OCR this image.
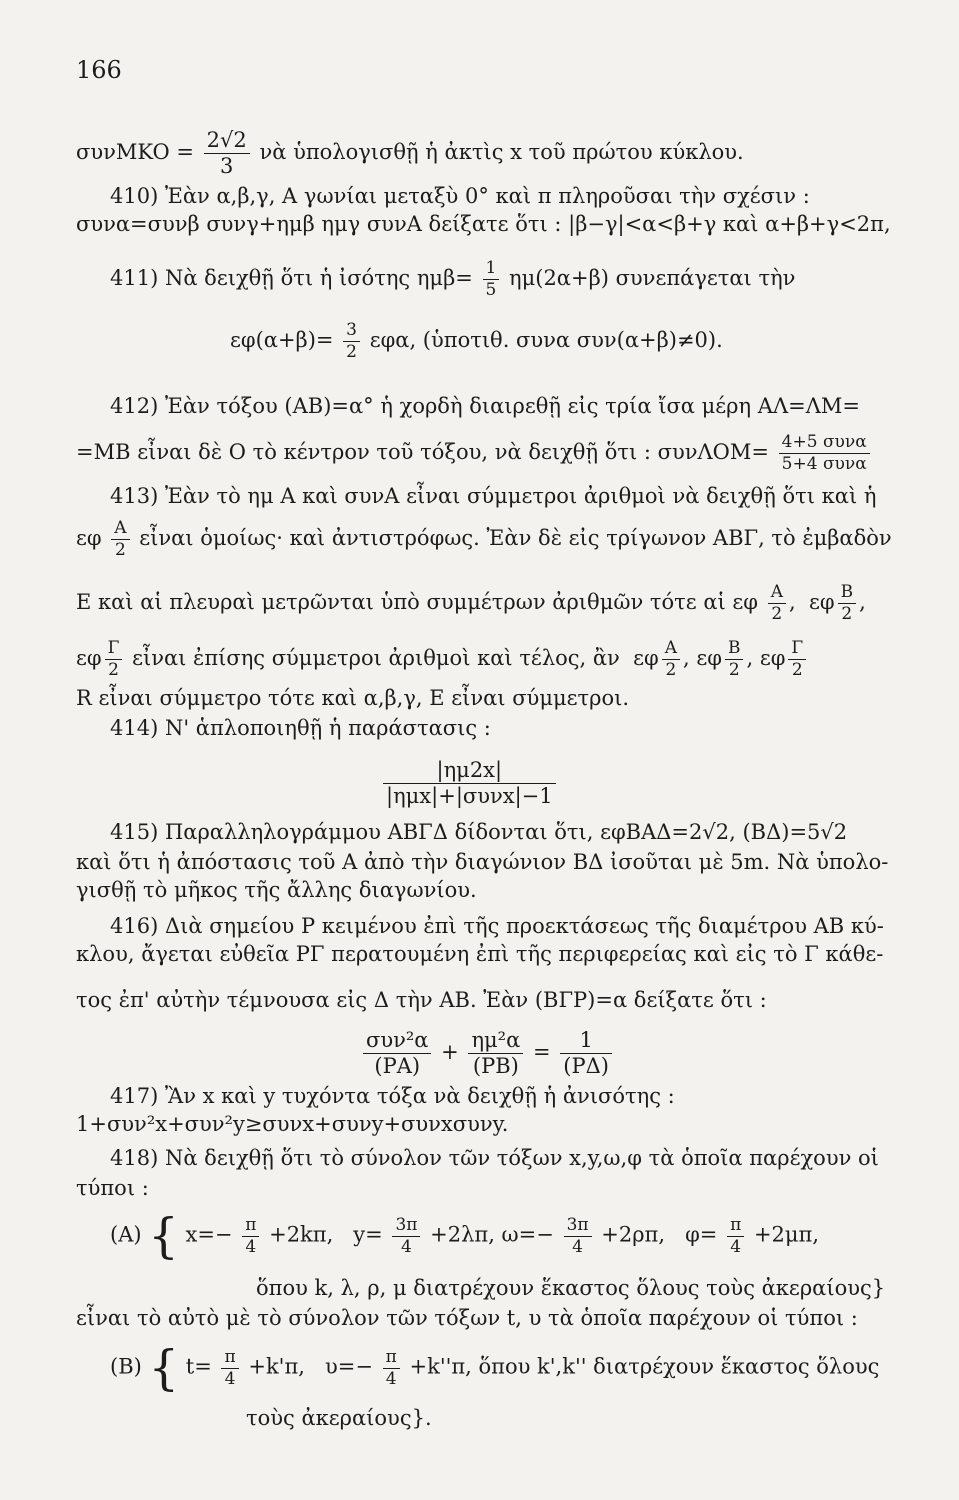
166
$\sigma\upsilon\nu MKO = \frac{2√2}{3}$ νὰ ὑπολογισθῇ ἡ ἀκτὶς x τοῦ πρώτου κύκλου.
410) Ἐὰν α,β,γ, Α γωνίαι μεταξὺ 0° καὶ π πληροῦσαι τὴν σχέσιν :
συνα=συνβ συνγ+ημβ ημγ συνΑ δείξατε ὅτι : |β−γ|<α<β+γ καὶ α+β+γ<2π,
411) Νὰ δειχθῇ ὅτι ἡ ἰσότης $\eta\mu\beta= \frac{1}{5} \eta\mu(2\alpha+\beta)$ συνεπάγεται τὴν
$\varepsilon\varphi(\alpha+\beta)= \frac{3}{2} \varepsilon\varphi\alpha$, (ὑποτιθ. συνα συν(α+β)≠0).
412) Ἐὰν τόξου (AB)=α° ἡ χορδὴ διαιρεθῇ εἰς τρία ἴσα μέρη ΑΛ=ΛΜ=
=ΜΒ εἶναι δὲ Ο τὸ κέντρον τοῦ τόξου, νὰ δειχθῇ ὅτι : $\sigma\upsilon\nu\Lambda OM= \frac{\text{4+5 συνα}}{\text{5+4 συνα}}$
413) Ἐὰν τὸ ημ Α καὶ συνΑ εἶναι σύμμετροι ἀριθμοὶ νὰ δειχθῇ ὅτι καὶ ἡ
εφ $\frac{A}{2}$ εἶναι ὁμοίως· καὶ ἀντιστρόφως. Ἐὰν δὲ εἰς τρίγωνον ΑΒΓ, τὸ ἐμβαδὸν
Ε καὶ αἱ πλευραὶ μετρῶνται ὑπὸ συμμέτρων ἀριθμῶν τότε αἱ εφ $\frac{A}{2}$ ,  εφ $\frac{B}{2}$ ,
εφ $\frac{\Gamma}{2}$ εἶναι ἐπίσης σύμμετροι ἀριθμοὶ καὶ τέλος, ἂν  εφ $\frac{A}{2}$ , εφ $\frac{B}{2}$ , εφ $\frac{\Gamma}{2}$
R εἶναι σύμμετρο τότε καὶ α,β,γ, Ε εἶναι σύμμετροι.
414) Ν' ἁπλοποιηθῇ ἡ παράστασις :
$\frac{|\eta\mu 2x|}{\text{|ημx|+|συνx|−1}}$
415) Παραλληλογράμμου ΑΒΓΔ δίδονται ὅτι, εφΒΑΔ=2√2, (ΒΔ)=5√2
καὶ ὅτι ἡ ἀπόστασις τοῦ Α ἀπὸ τὴν διαγώνιον ΒΔ ἰσοῦται μὲ 5m. Νὰ ὑπολο-
γισθῇ τὸ μῆκος τῆς ἄλλης διαγωνίου.
416) Διὰ σημείου Ρ κειμένου ἐπὶ τῆς προεκτάσεως τῆς διαμέτρου ΑΒ κύ-
κλου, ἄγεται εὐθεῖα ΡΓ περατουμένη ἐπὶ τῆς περιφερείας καὶ εἰς τὸ Γ κάθε-
τος ἐπ' αὐτὴν τέμνουσα εἰς Δ τὴν ΑΒ. Ἐὰν (ΒΓΡ)=α δείξατε ὅτι :
$\frac{\text{συν²α}}{(PA)} + \frac{\text{ημ²α}}{(PB)} = \frac{1}{(P\Delta)}$
417) Ἂν x καὶ y τυχόντα τόξα νὰ δειχθῇ ἡ ἀνισότης :
1+συν²x+συν²y≥συνx+συνy+συνxσυνy.
418) Νὰ δειχθῇ ὅτι τὸ σύνολον τῶν τόξων x,y,ω,φ τὰ ὁποῖα παρέχουν οἱ
τύποι :
(Α) { $x=- \frac{\pi}{4} +2k\pi$, $y= \frac{3\pi}{4} +2\lambda\pi$, $\omega=- \frac{3\pi}{4} +2\rho\pi$, $\varphi= \frac{\pi}{4} +2\mu\pi$,
ὅπου k, λ, ρ, μ διατρέχουν ἕκαστος ὅλους τοὺς ἀκεραίους}
εἶναι τὸ αὐτὸ μὲ τὸ σύνολον τῶν τόξων t, υ τὰ ὁποῖα παρέχουν οἱ τύποι :
(Β) { $t= \frac{\pi}{4} +k'\pi$, $\upsilon=- \frac{\pi}{4} +k''\pi$, ὅπου k',k'' διατρέχουν ἕκαστος ὅλους
τοὺς ἀκεραίους}.
